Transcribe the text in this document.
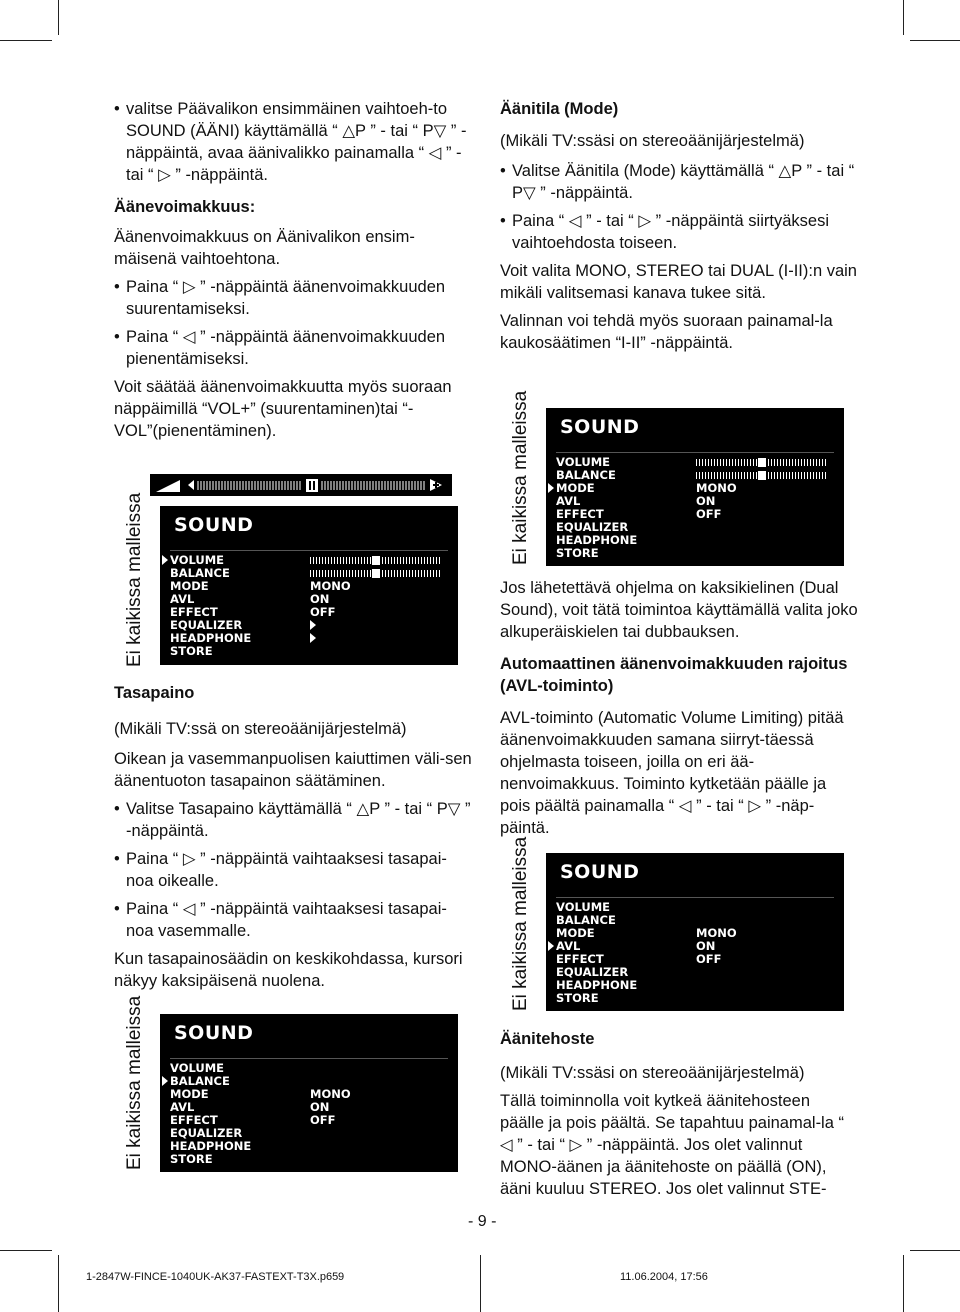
• valitse Päävalikon ensimmäinen vaihtoeh-to SOUND (ÄÄNI) käyttämällä “ △P ” - tai “ P▽ ” -näppäintä, avaa äänivalikko painamalla “ ◁ ” - tai “ ▷ ” -näppäintä.
Äänevoimakkuus:
Äänenvoimakkuus on Äänivalikon ensim-mäisenä vaihtoehtona.
• Paina “ ▷ ” -näppäintä äänenvoimakkuuden suurentamiseksi.
• Paina “ ◁ ” -näppäintä äänenvoimakkuuden pienentämiseksi.
Voit säätää äänenvoimakkuutta myös suoraan näppäimillä “VOL+” (suurentaminen)tai “-VOL”(pienentäminen).
Ei kaikissa malleissa SOUND
VOLUME
BALANCE
MODE	MONO
AVL	ON
EFFECT	OFF
EQUALIZER
HEADPHONE
STORE
Tasapaino
(Mikäli TV:ssä on stereoäänijärjestelmä)
Oikean ja vasemmanpuolisen kaiuttimen väli-sen äänentuoton tasapainon säätäminen.
• Valitse Tasapaino käyttämällä “ △P ” - tai “ P▽ ” -näppäintä.
• Paina “ ▷ ” -näppäintä vaihtaaksesi tasapai-noa oikealle.
• Paina “ ◁ ” -näppäintä vaihtaaksesi tasapai-noa vasemmalle.
Kun tasapainosäädin on keskikohdassa, kursori näkyy kaksipäisenä nuolena.
Ei kaikissa malleissa SOUND
VOLUME
BALANCE
MODE	MONO
AVL	ON
EFFECT	OFF
EQUALIZER
HEADPHONE
STORE
Äänitila (Mode)
(Mikäli TV:ssäsi on stereoäänijärjestelmä)
• Valitse Äänitila (Mode) käyttämällä “ △P ” - tai “ P▽ ” -näppäintä.
• Paina “ ◁ ” - tai “ ▷ ” -näppäintä siirtyäksesi vaihtoehdosta toiseen.
Voit valita MONO, STEREO tai DUAL (I-II):n vain mikäli valitsemasi kanava tukee sitä.
Valinnan voi tehdä myös suoraan painamal-la kaukosäätimen “I-II” -näppäintä.
Ei kaikissa malleissa SOUND
VOLUME
BALANCE
MODE	MONO
AVL	ON
EFFECT	OFF
EQUALIZER
HEADPHONE
STORE
Jos lähetettävä ohjelma on kaksikielinen (Dual Sound), voit tätä toimintoa käyttämällä valita joko alkuperäiskielen tai dubbauksen.
Automaattinen äänenvoimakkuuden rajoitus (AVL-toiminto)
AVL-toiminto (Automatic Volume Limiting) pitää äänenvoimakkuuden samana siirryt-täessä ohjelmasta toiseen, joilla on eri ää-nenvoimakkuus. Toiminto kytketään päälle ja pois päältä painamalla “ ◁ ” - tai “ ▷ ” -näp-päintä.
Ei kaikissa malleissa SOUND
VOLUME
BALANCE
MODE	MONO
AVL	ON
EFFECT	OFF
EQUALIZER
HEADPHONE
STORE
Äänitehoste
(Mikäli TV:ssäsi on stereoäänijärjestelmä)
Tällä toiminnolla voit kytkeä äänitehosteen päälle ja pois päältä. Se tapahtuu painamal-la “ ◁ ” - tai “ ▷ ” -näppäintä. Jos olet valinnut MONO-äänen ja äänitehoste on päällä (ON), ääni kuuluu STEREO. Jos olet valinnut STE-
- 9 -
1-2847W-FINCE-1040UK-AK37-FASTEXT-T3X.p65 9	11.06.2004, 17:56
